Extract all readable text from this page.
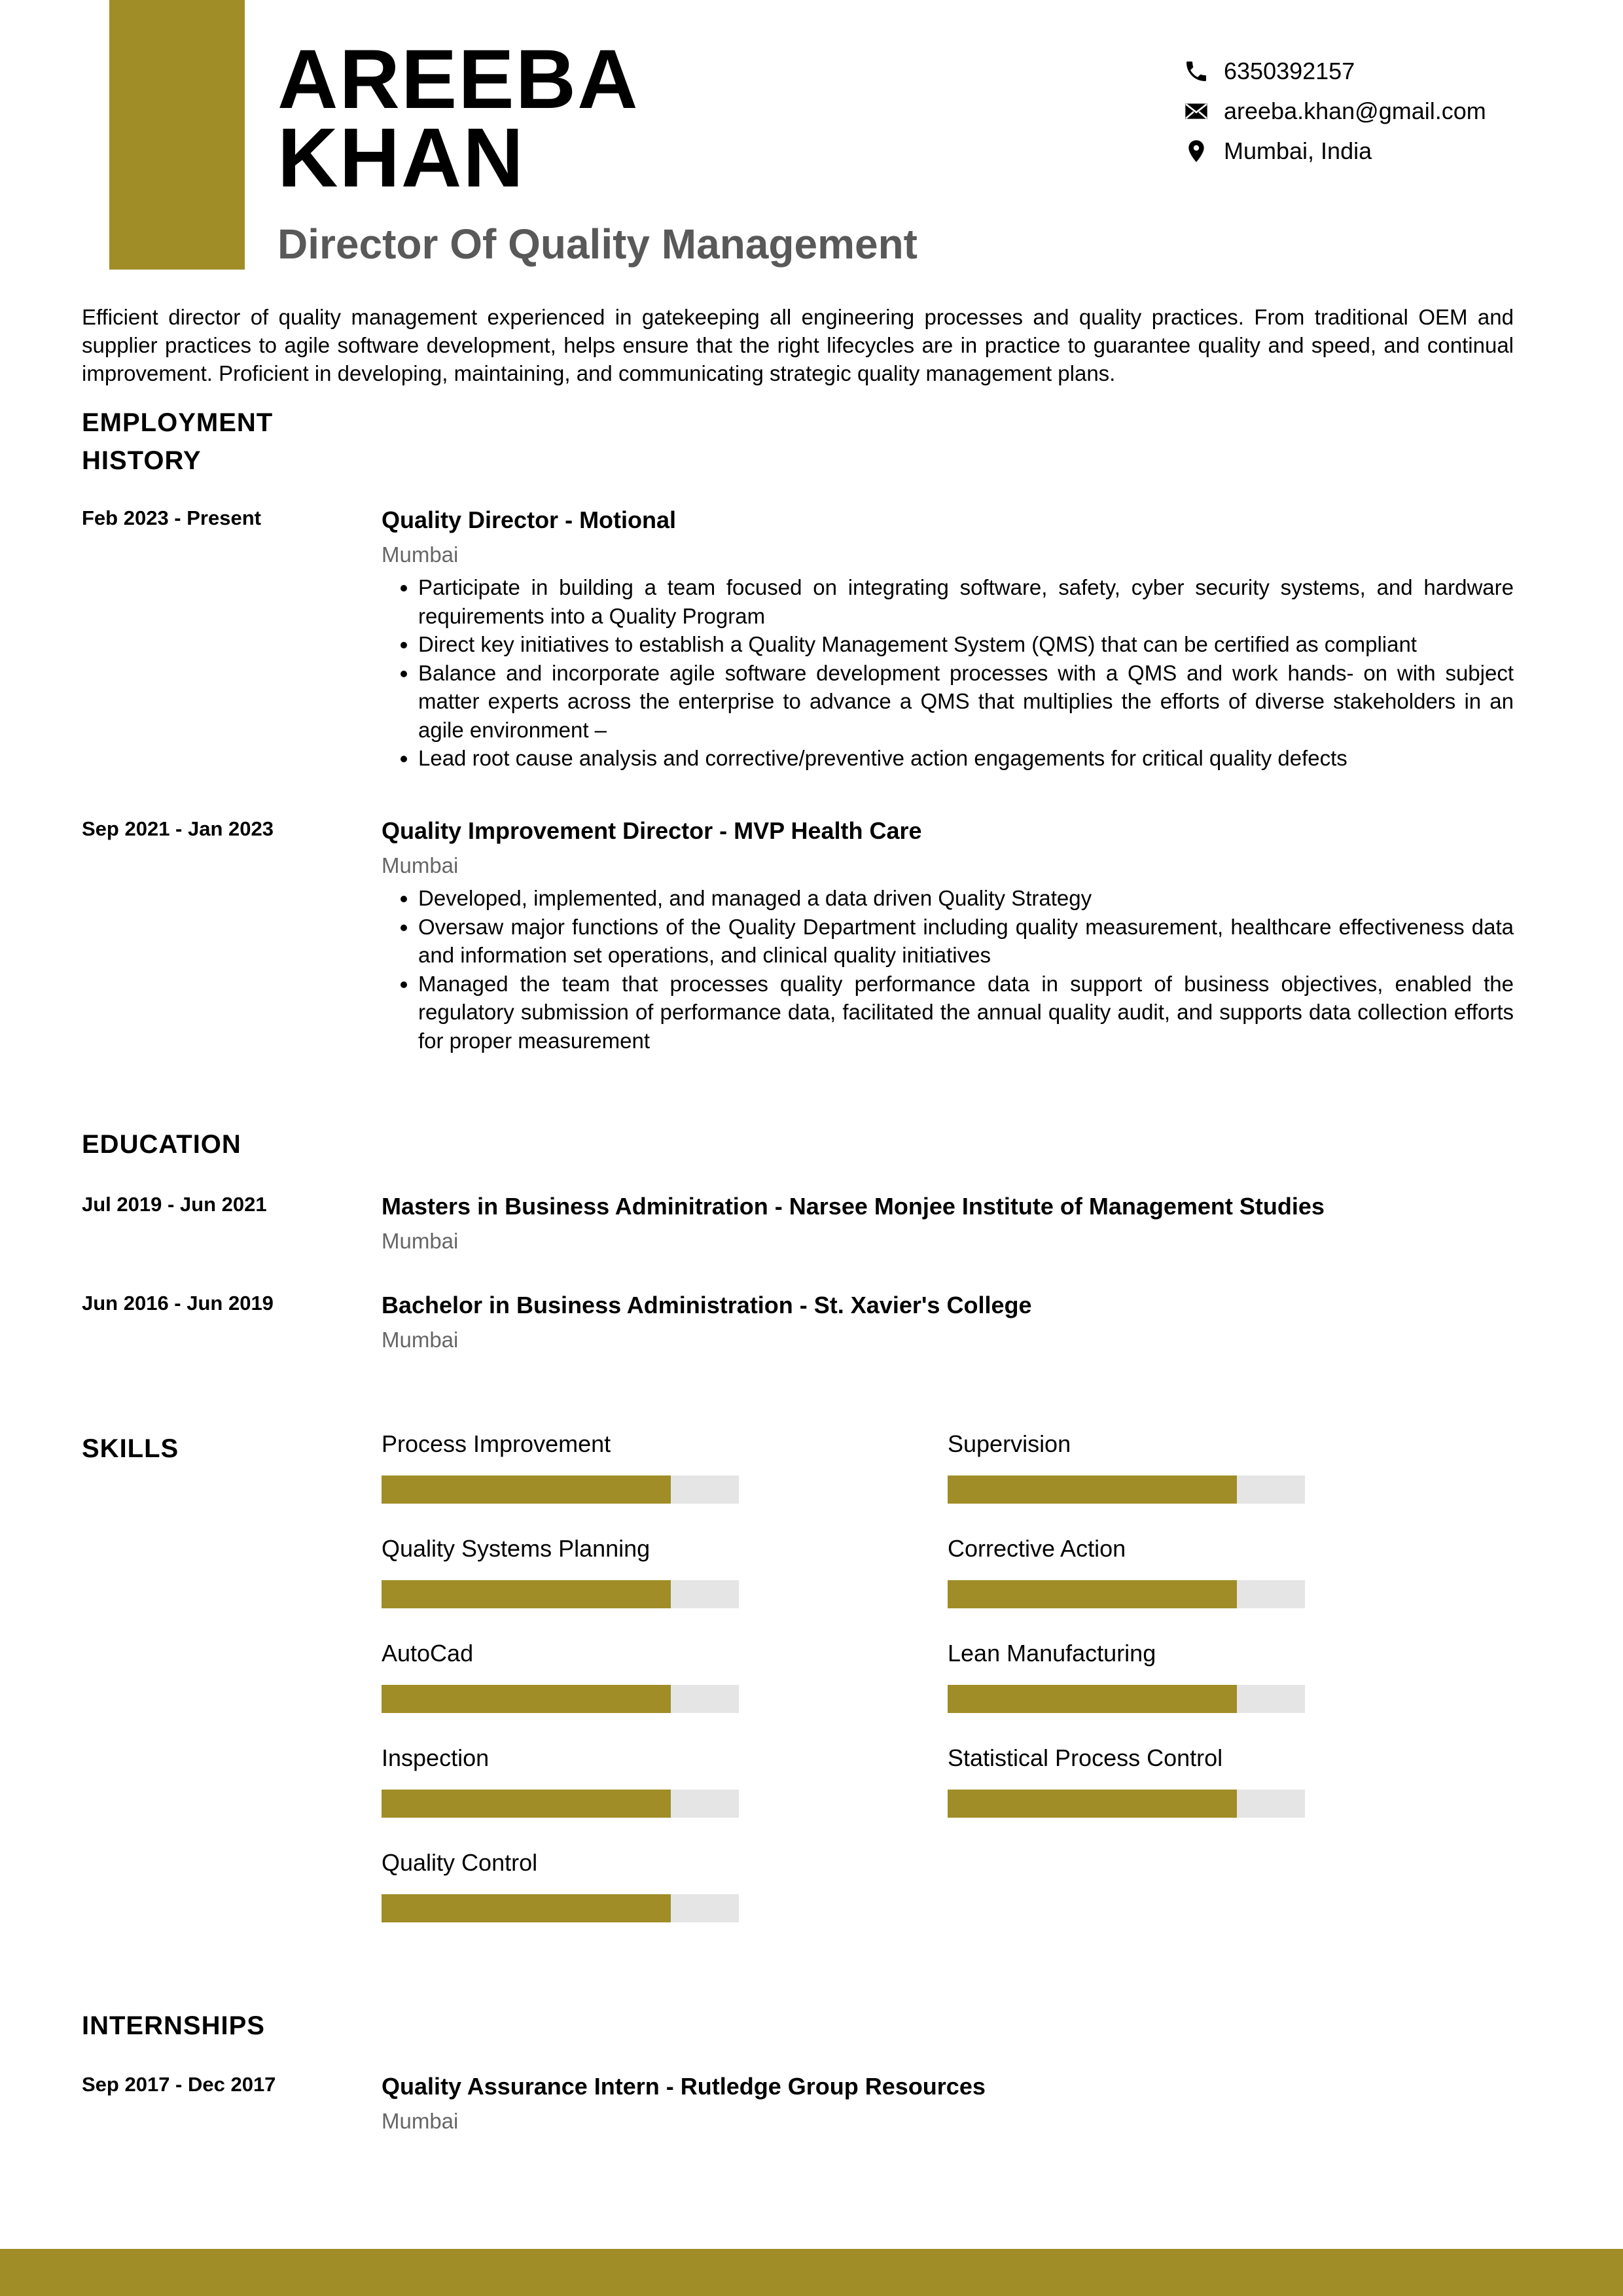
AREEBA
KHAN
Director Of Quality Management
6350392157
areeba.khan@gmail.com
Mumbai, India
Efficient director of quality management experienced in gatekeeping all engineering processes and quality practices. From traditional OEM and supplier practices to agile software development, helps ensure that the right lifecycles are in practice to guarantee quality and speed, and continual improvement. Proficient in developing, maintaining, and communicating strategic quality management plans.
EMPLOYMENT
HISTORY
Feb 2023 - Present	Quality Director - Motional
Mumbai
• Participate in building a team focused on integrating software, safety, cyber security systems, and hardware requirements into a Quality Program
• Direct key initiatives to establish a Quality Management System (QMS) that can be certified as compliant
• Balance and incorporate agile software development processes with a QMS and work hands- on with subject matter experts across the enterprise to advance a QMS that multiplies the efforts of diverse stakeholders in an agile environment –
• Lead root cause analysis and corrective/preventive action engagements for critical quality defects
Sep 2021 - Jan 2023	Quality Improvement Director - MVP Health Care
Mumbai
• Developed, implemented, and managed a data driven Quality Strategy
• Oversaw major functions of the Quality Department including quality measurement, healthcare effectiveness data and information set operations, and clinical quality initiatives
• Managed the team that processes quality performance data in support of business objectives, enabled the regulatory submission of performance data, facilitated the annual quality audit, and supports data collection efforts for proper measurement
EDUCATION
Jul 2019 - Jun 2021	Masters in Business Adminitration - Narsee Monjee Institute of Management Studies
Mumbai
Jun 2016 - Jun 2019	Bachelor in Business Administration - St. Xavier's College
Mumbai
SKILLS	Process Improvement	Supervision
Quality Systems Planning	Corrective Action
AutoCad	Lean Manufacturing
Inspection	Statistical Process Control
Quality Control
INTERNSHIPS
Sep 2017 - Dec 2017	Quality Assurance Intern - Rutledge Group Resources
Mumbai
